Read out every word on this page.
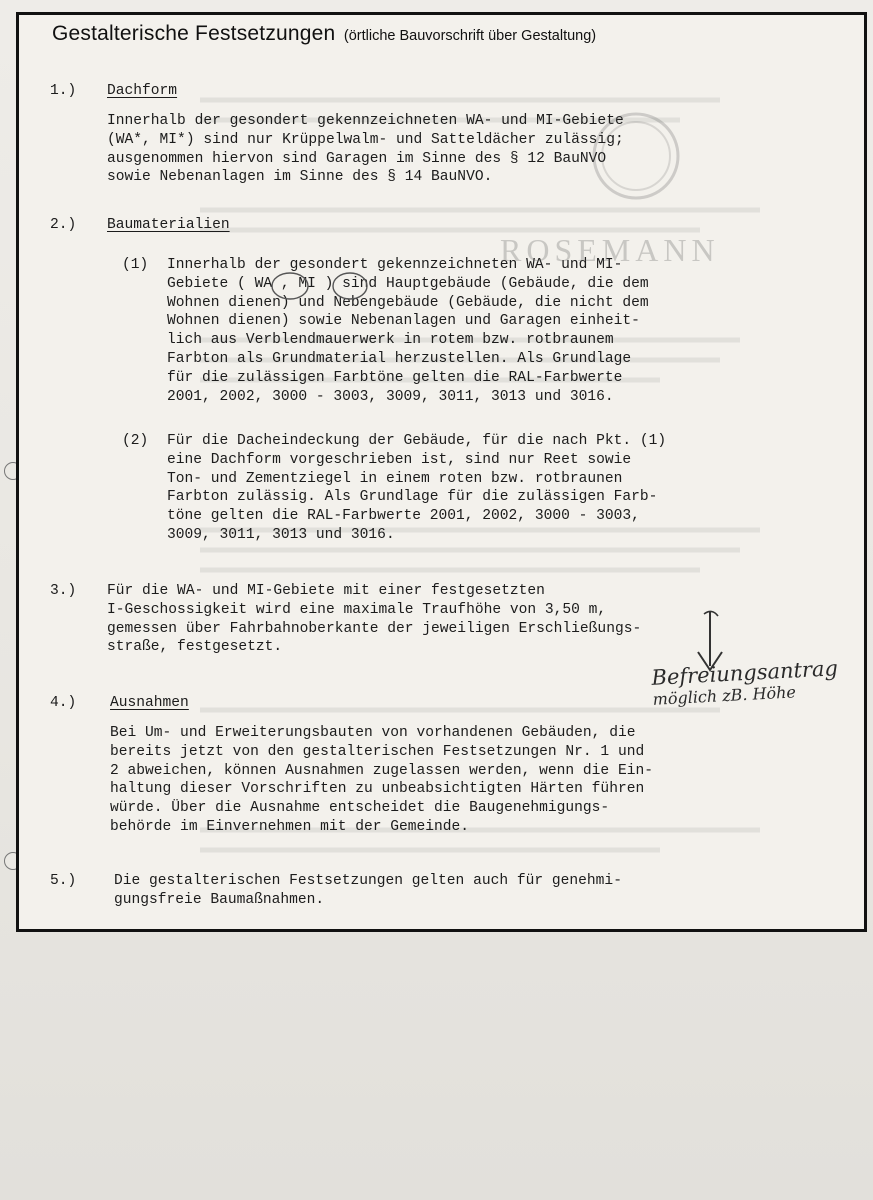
Gestalterische Festsetzungen (örtliche Bauvorschrift über Gestaltung)
1.) Dachform
Innerhalb der gesondert gekennzeichneten WA- und MI-Gebiete
(WA*, MI*) sind nur Krüppelwalm- und Satteldächer zulässig;
ausgenommen hiervon sind Garagen im Sinne des § 12 BauNVO
sowie Nebenanlagen im Sinne des § 14 BauNVO.
2.) Baumaterialien
(1) Innerhalb der gesondert gekennzeichneten WA- und MI-
Gebiete ( WA , MI ) sind Hauptgebäude (Gebäude, die dem
Wohnen dienen) und Nebengebäude (Gebäude, die nicht dem
Wohnen dienen) sowie Nebenanlagen und Garagen einheit-
lich aus Verblendmauerwerk in rotem bzw. rotbraunem
Farbton als Grundmaterial herzustellen. Als Grundlage
für die zulässigen Farbtöne gelten die RAL-Farbwerte
2001, 2002, 3000 - 3003, 3009, 3011, 3013 und 3016.
(2) Für die Dacheindeckung der Gebäude, für die nach Pkt. (1)
eine Dachform vorgeschrieben ist, sind nur Reet sowie
Ton- und Zementziegel in einem roten bzw. rotbraunen
Farbton zulässig. Als Grundlage für die zulässigen Farb-
töne gelten die RAL-Farbwerte 2001, 2002, 3000 - 3003,
3009, 3011, 3013 und 3016.
3.) Für die WA- und MI-Gebiete mit einer festgesetzten
I-Geschossigkeit wird eine maximale Traufhöhe von 3,50 m,
gemessen über Fahrbahnoberkante der jeweiligen Erschließungs-
straße, festgesetzt.
4.) Ausnahmen
Bei Um- und Erweiterungsbauten von vorhandenen Gebäuden, die
bereits jetzt von den gestalterischen Festsetzungen Nr. 1 und
2 abweichen, können Ausnahmen zugelassen werden, wenn die Ein-
haltung dieser Vorschriften zu unbeabsichtigten Härten führen
würde. Über die Ausnahme entscheidet die Baugenehmigungs-
behörde im Einvernehmen mit der Gemeinde.
5.)	Die gestalterischen Festsetzungen gelten auch für genehmi-
gungsfreie Baumaßnahmen.
ROSEMANN
Befreiungsantrag
möglich zB. Höhe
